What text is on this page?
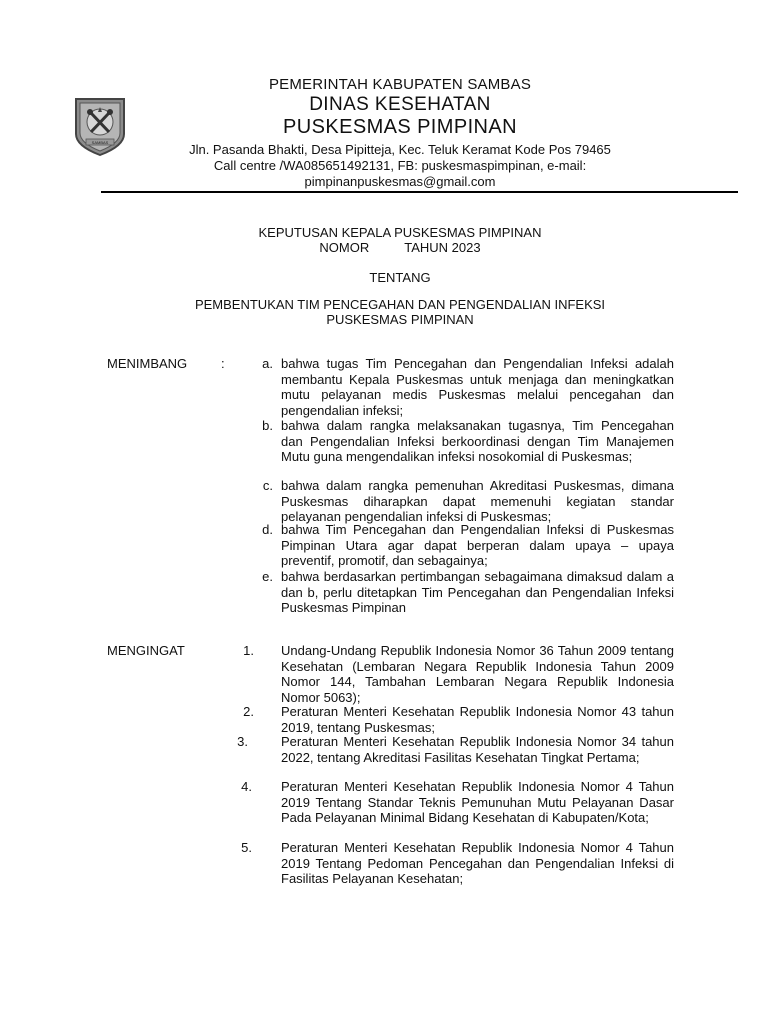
SAMBAS
PEMERINTAH KABUPATEN SAMBAS
DINAS KESEHATAN
PUSKESMAS PIMPINAN
Jln. Pasanda Bhakti, Desa Pipitteja, Kec. Teluk Keramat Kode Pos 79465
Call centre /WA085651492131, FB: puskesmaspimpinan, e-mail:
pimpinanpuskesmas@gmail.com
KEPUTUSAN KEPALA PUSKESMAS PIMPINAN
NOMOR	TAHUN 2023
TENTANG
PEMBENTUKAN TIM PENCEGAHAN DAN PENGENDALIAN INFEKSI
PUSKESMAS PIMPINAN
MENIMBANG	:	a. bahwa tugas Tim Pencegahan dan Pengendalian Infeksi adalah membantu Kepala Puskesmas untuk menjaga dan meningkatkan mutu pelayanan medis Puskesmas melalui pencegahan dan pengendalian infeksi;
b. bahwa dalam rangka melaksanakan tugasnya, Tim Pencegahan dan Pengendalian Infeksi berkoordinasi dengan Tim Manajemen Mutu guna mengendalikan infeksi nosokomial di Puskesmas;
c. bahwa dalam rangka pemenuhan Akreditasi Puskesmas, dimana Puskesmas diharapkan dapat memenuhi kegiatan standar pelayanan pengendalian infeksi di Puskesmas;
d. bahwa Tim Pencegahan dan Pengendalian Infeksi di Puskesmas Pimpinan Utara agar dapat berperan dalam upaya – upaya preventif, promotif, dan sebagainya;
e. bahwa berdasarkan pertimbangan sebagaimana dimaksud dalam a dan b, perlu ditetapkan Tim Pencegahan dan Pengendalian Infeksi Puskesmas Pimpinan
MENGINGAT	1. Undang-Undang Republik Indonesia Nomor 36 Tahun 2009 tentang Kesehatan (Lembaran Negara Republik Indonesia Tahun 2009 Nomor 144, Tambahan Lembaran Negara Republik Indonesia Nomor 5063);
2. Peraturan Menteri Kesehatan Republik Indonesia Nomor 43 tahun 2019, tentang Puskesmas;
3.	Peraturan Menteri Kesehatan Republik Indonesia Nomor 34 tahun 2022, tentang Akreditasi Fasilitas Kesehatan Tingkat Pertama;
4. Peraturan Menteri Kesehatan Republik Indonesia Nomor 4 Tahun 2019 Tentang Standar Teknis Pemunuhan Mutu Pelayanan Dasar Pada Pelayanan Minimal Bidang Kesehatan di Kabupaten/Kota;
5. Peraturan Menteri Kesehatan Republik Indonesia Nomor 4 Tahun 2019 Tentang Pedoman Pencegahan dan Pengendalian Infeksi di Fasilitas Pelayanan Kesehatan;
